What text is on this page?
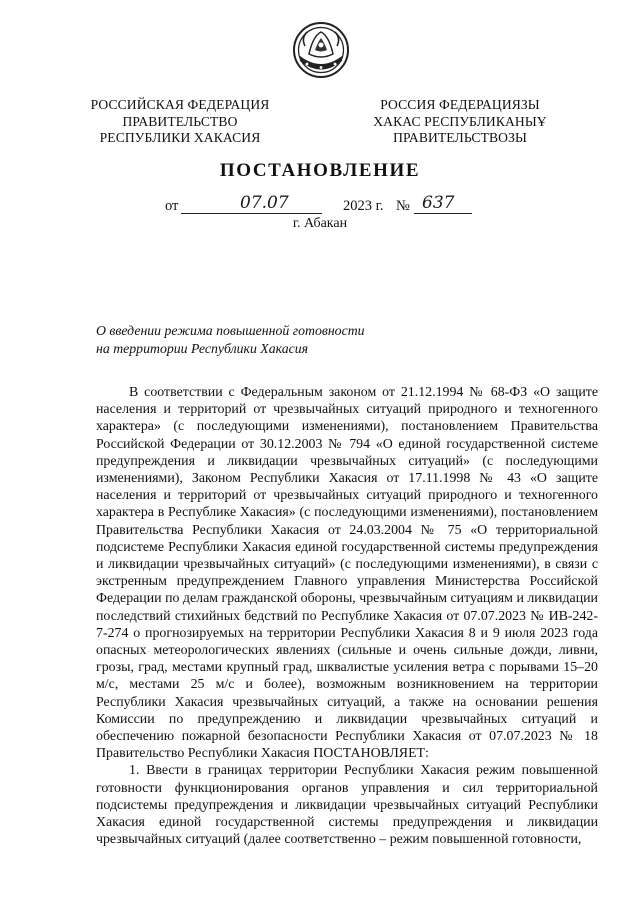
РОССИЙСКАЯ ФЕДЕРАЦИЯ
ПРАВИТЕЛЬСТВО
РЕСПУБЛИКИ ХАКАСИЯ
РОССИЯ ФЕДЕРАЦИЯЗЫ
ХАКАС РЕСПУБЛИКАНЫҰ
ПРАВИТЕЛЬСТВОЗЫ
ПОСТАНОВЛЕНИЕ
от	07.07	2023 г. № 637
г. Абакан
О введении режима повышенной готовности
на территории Республики Хакасия

В соответствии с Федеральным законом от 21.12.1994 № 68-ФЗ «О защите населения и территорий от чрезвычайных ситуаций природного и техногенного характера» (с последующими изменениями), постановлением Правительства Российской Федерации от 30.12.2003 № 794 «О единой государственной системе предупреждения и ликвидации чрезвычайных ситуаций» (с последующими изменениями), Законом Республики Хакасия от 17.11.1998 № 43 «О защите населения и территорий от чрезвычайных ситуаций природного и техногенного характера в Республике Хакасия» (с последующими изменениями), постановлением Правительства Республики Хакасия от 24.03.2004 № 75 «О территориальной подсистеме Республики Хакасия единой государственной системы предупреждения и ликвидации чрезвычайных ситуаций» (с последующими изменениями), в связи с экстренным предупреждением Главного управления Министерства Российской Федерации по делам гражданской обороны, чрезвычайным ситуациям и ликвидации последствий стихийных бедствий по Республике Хакасия от 07.07.2023 № ИВ-242-7-274 о прогнозируемых на территории Республики Хакасия 8 и 9 июля 2023 года опасных метеорологических явлениях (сильные и очень сильные дожди, ливни, грозы, град, местами крупный град, шквалистые усиления ветра с порывами 15–20 м/с, местами 25 м/с и более), возможным возникновением на территории Республики Хакасия чрезвычайных ситуаций, а также на основании решения Комиссии по предупреждению и ликвидации чрезвычайных ситуаций и обеспечению пожарной безопасности Республики Хакасия от 07.07.2023 № 18 Правительство Республики Хакасия ПОСТАНОВЛЯЕТ:

1. Ввести в границах территории Республики Хакасия режим повышенной готовности функционирования органов управления и сил территориальной подсистемы предупреждения и ликвидации чрезвычайных ситуаций Республики Хакасия единой государственной системы предупреждения и ликвидации чрезвычайных ситуаций (далее соответственно – режим повышенной готовности,
